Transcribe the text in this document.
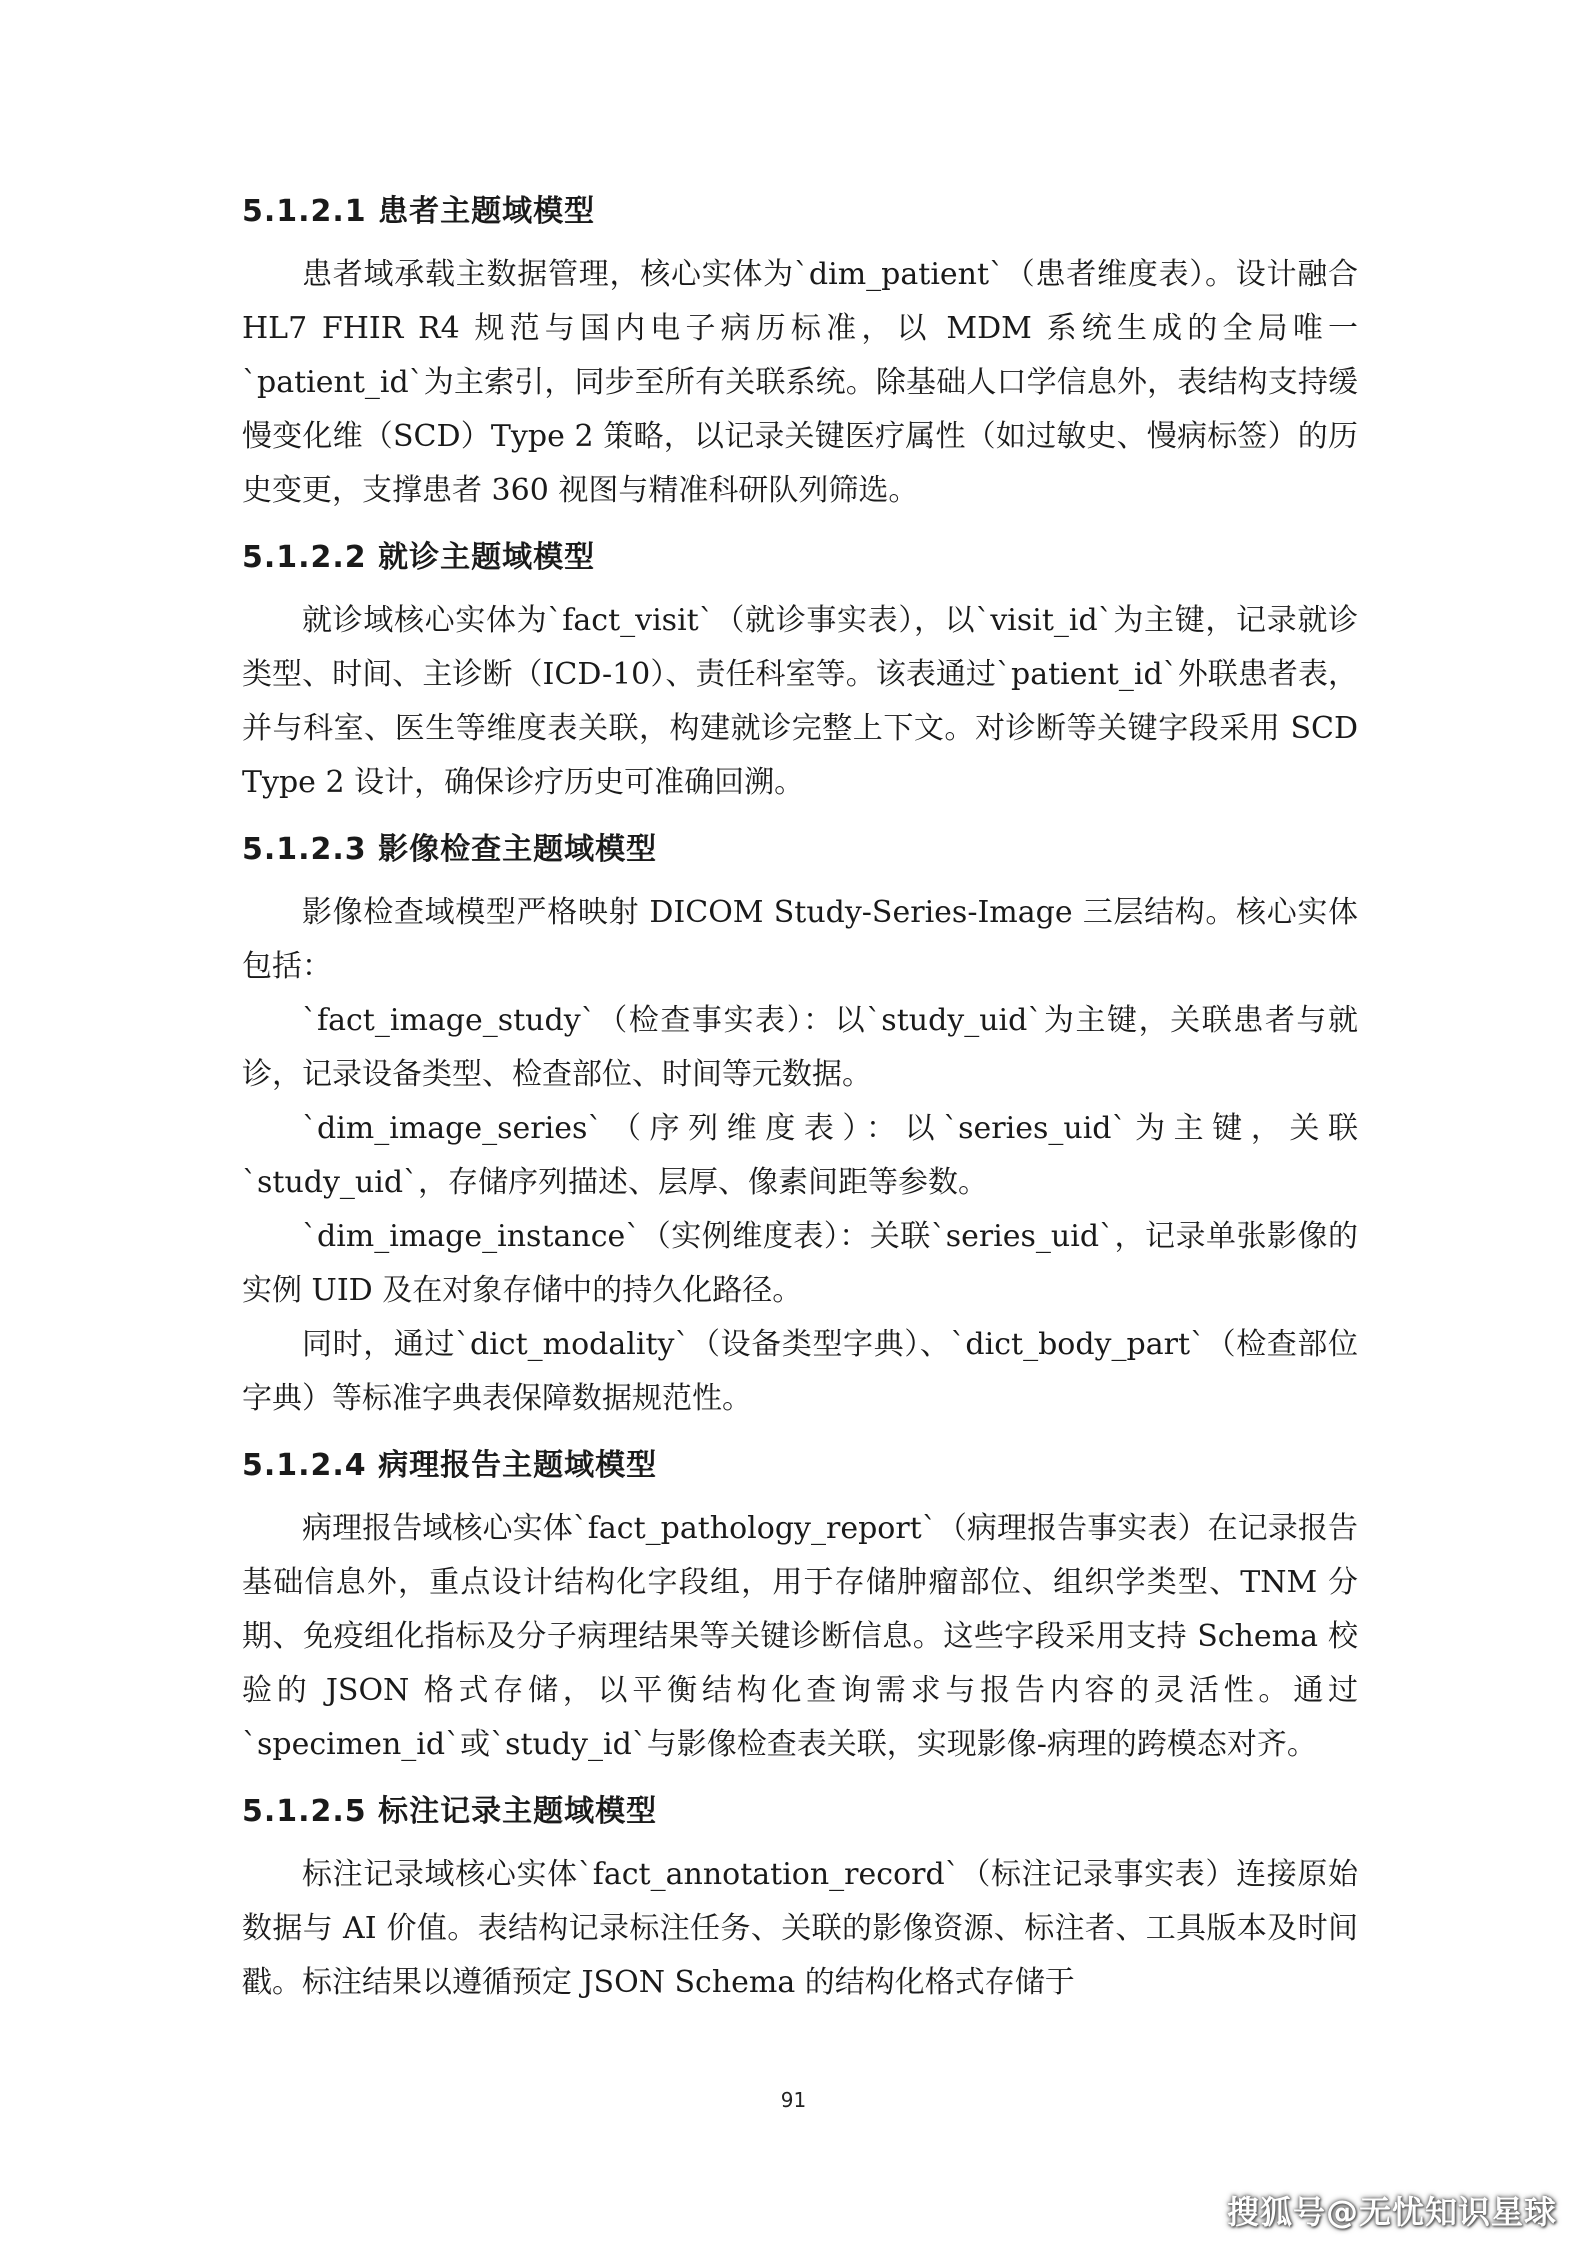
5.1.2.1 患者主题域模型

患者域承载主数据管理，核心实体为`dim_patient`（患者维度表）。设计融合 HL7 FHIR R4 规范与国内电子病历标准，以 MDM 系统生成的全局唯一`patient_id`为主索引，同步至所有关联系统。除基础人口学信息外，表结构支持缓慢变化维（SCD）Type 2 策略，以记录关键医疗属性（如过敏史、慢病标签）的历史变更，支撑患者 360 视图与精准科研队列筛选。

5.1.2.2 就诊主题域模型

就诊域核心实体为`fact_visit`（就诊事实表），以`visit_id`为主键，记录就诊类型、时间、主诊断（ICD-10）、责任科室等。该表通过`patient_id`外联患者表，并与科室、医生等维度表关联，构建就诊完整上下文。对诊断等关键字段采用 SCD Type 2 设计，确保诊疗历史可准确回溯。

5.1.2.3 影像检查主题域模型

影像检查域模型严格映射 DICOM Study-Series-Image 三层结构。核心实体包括：

`fact_image_study`（检查事实表）：以`study_uid`为主键，关联患者与就诊，记录设备类型、检查部位、时间等元数据。

`dim_image_series`（序列维度表）：以`series_uid`为主键，关联`study_uid`，存储序列描述、层厚、像素间距等参数。

`dim_image_instance`（实例维度表）：关联`series_uid`，记录单张影像的实例 UID 及在对象存储中的持久化路径。

同时，通过`dict_modality`（设备类型字典）、`dict_body_part`（检查部位字典）等标准字典表保障数据规范性。

5.1.2.4 病理报告主题域模型

病理报告域核心实体`fact_pathology_report`（病理报告事实表）在记录报告基础信息外，重点设计结构化字段组，用于存储肿瘤部位、组织学类型、TNM 分期、免疫组化指标及分子病理结果等关键诊断信息。这些字段采用支持 Schema 校验的 JSON 格式存储，以平衡结构化查询需求与报告内容的灵活性。通过`specimen_id`或`study_id`与影像检查表关联，实现影像-病理的跨模态对齐。

5.1.2.5 标注记录主题域模型

标注记录域核心实体`fact_annotation_record`（标注记录事实表）连接原始数据与 AI 价值。表结构记录标注任务、关联的影像资源、标注者、工具版本及时间戳。标注结果以遵循预定 JSON Schema 的结构化格式存储于

91
搜狐号@无忧知识星球
